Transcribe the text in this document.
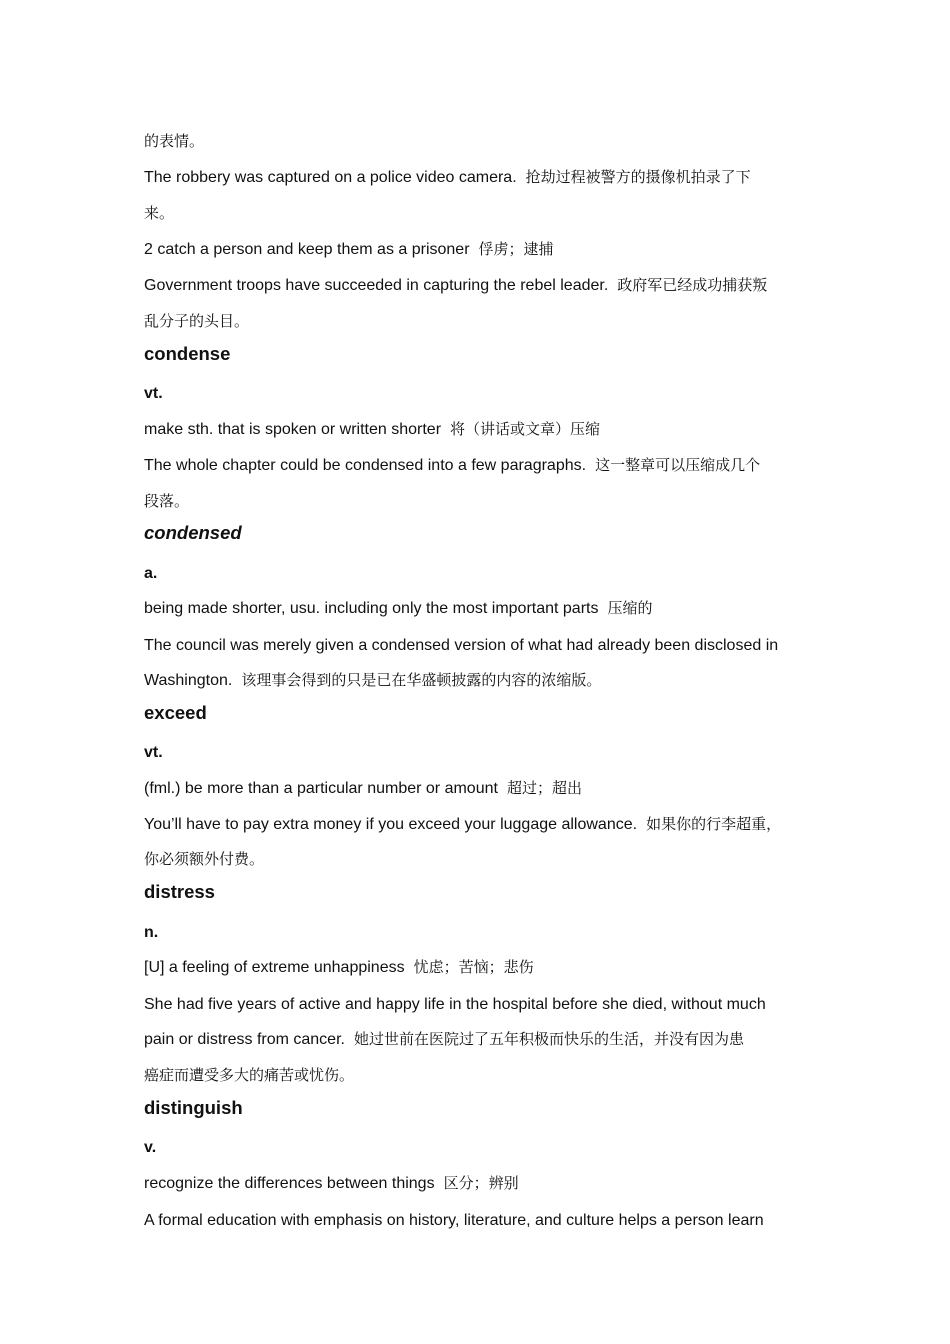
的表情。

The robbery was captured on a police video camera. 抢劫过程被警方的摄像机拍录了下

来。

2 catch a person and keep them as a prisoner 俘虏；逮捕

Government troops have succeeded in capturing the rebel leader. 政府军已经成功捕获叛

乱分子的头目。

condense

vt.

make sth. that is spoken or written shorter 将（讲话或文章）压缩

The whole chapter could be condensed into a few paragraphs. 这一整章可以压缩成几个

段落。

condensed

a.

being made shorter, usu. including only the most important parts 压缩的

The council was merely given a condensed version of what had already been disclosed in

Washington. 该理事会得到的只是已在华盛顿披露的内容的浓缩版。

exceed

vt.

(fml.) be more than a particular number or amount 超过；超出

You’ll have to pay extra money if you exceed your luggage allowance. 如果你的行李超重，

你必须额外付费。

distress

n.

[U] a feeling of extreme unhappiness 忧虑；苦恼；悲伤

She had five years of active and happy life in the hospital before she died, without much

pain or distress from cancer. 她过世前在医院过了五年积极而快乐的生活，并没有因为患

癌症而遭受多大的痛苦或忧伤。

distinguish

v.

recognize the differences between things 区分；辨别

A formal education with emphasis on history, literature, and culture helps a person learn
